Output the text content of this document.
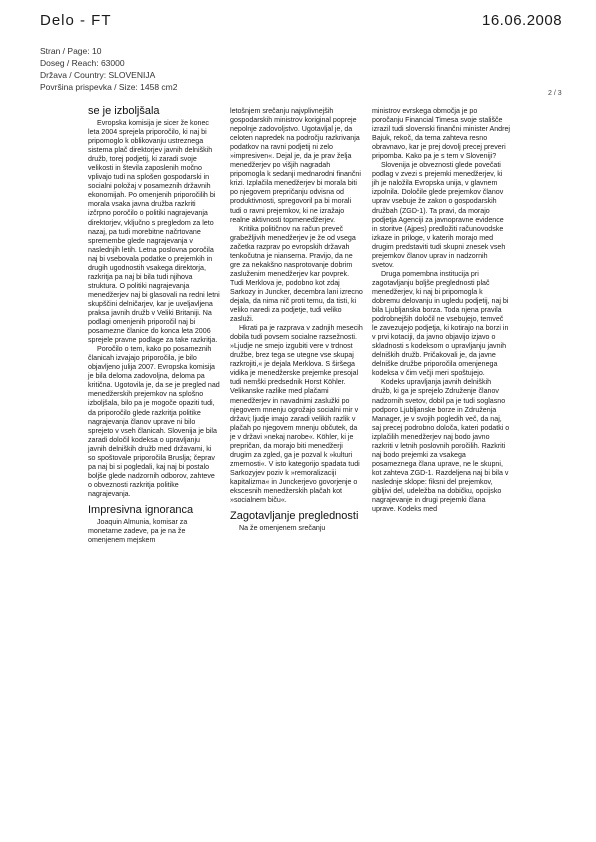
Delo - FT	16.06.2008
Stran / Page: 10
Doseg / Reach: 63000
Država / Country: SLOVENIJA
Površina prispevka / Size: 1458 cm2
2 / 3
se je izboljšala

Evropska komisija je sicer že konec leta 2004 sprejela priporočilo, ki naj bi pripomoglo k oblikovanju ustreznega sistema plač direktorjev javnih delniških družb, torej podjetij, ki zaradi svoje velikosti in števila zaposlenih močno vplivajo tudi na splošen gospodarski in socialni položaj v posameznih državnih ekonomijah. Po omenjenih priporočilih bi morala vsaka javna družba razkriti izčrpno poročilo o politiki nagrajevanja direktorjev, vključno s pregledom za leto nazaj, pa tudi morebitne načrtovane spremembe glede nagrajevanja v naslednjih letih. Letna poslovna poročila naj bi vsebovala podatke o prejemkih in drugih ugodnostih vsakega direktorja, razkritja pa naj bi bila tudi njihova struktura. O politiki nagrajevanja menedžerjev naj bi glasovali na redni letni skupščini delničarjev, kar je uveljavljena praksa javnih družb v Veliki Britaniji. Na podlagi omenjenih priporočil naj bi posamezne članice do konca leta 2006 sprejele pravne podlage za take razkritja.

Poročilo o tem, kako po posameznih članicah izvajajo priporočila, je bilo objavljeno julija 2007. Evropska komisija je bila deloma zadovoljna, deloma pa kritična. Ugotovila je, da se je pregled nad menedžerskih prejemkov na splošno izboljšala, bilo pa je mogoče opaziti tudi, da priporočilo glede razkritja politike nagrajevanja članov uprave ni bilo sprejeto v vseh članicah. Slovenija je bila zaradi določil kodeksa o upravljanju javnih delniških družb med državami, ki so spoštovale priporočila Bruslja; čeprav pa naj bi si pogledali, kaj naj bi postalo boljše glede nadzornih odborov, zahteve o obveznosti razkritja politike nagrajevanja.

Impresivna ignoranca

Joaquin Almunia, komisar za monetarne zadeve, pa je na že omenjenem mejskem

letošnjem srečanju najvplivnejših gospodarskih ministrov koriginal popreje nepolnje zadovoljstvo. Ugotavljal je, da celoten napredek na področju razkrivanja podatkov na ravni podjetij ni zelo »impresiven«. Dejal je, da je prav želja menedžerjev po višjih nagradah pripomogla k sedanji mednarodni finančni krizi. Izplačila menedžerjev bi morala biti po njegovem prepričanju odvisna od produktivnosti, spregovoril pa bi morali tudi o ravni prejemkov, ki ne izražajo realne aktivnosti topmenedžerjev.

Kritika političnov na račun preveč grabežljivih menedžerjev je že od vsega začetka razprav po evropskih državah tenkočutna je nianserna. Pravijo, da ne gre za nekakšno nasprotovanje dobrim zasluženim menedžerjev kar povprek. Tudi Merklova je, podobno kot zdaj Sarkozy in Juncker, decembra lani izrecno dejala, da nima nič proti temu, da tisti, ki veliko naredi za podjetje, tudi veliko zasluži.

Hkrati pa je razprava v zadnjih mesecih dobila tudi povsem socialne razsežnosti. »Ljudje ne smejo izgubiti vere v trdnost družbe, brez tega se utegne vse skupaj razkrojiti,« je dejala Merklova. S širšega vidika je menedžerske prejemke presojal tudi nemški predsednik Horst Köhler. Velikanske razlike med plačami menedžerjev in navadnimi zaslužki po njegovem mnenju ogrožajo socialni mir v državi; ljudje imajo zaradi velikih razlik v plačah po njegovem mnenju občutek, da je v državi »nekaj narobe«. Köhler, ki je prepričan, da morajo biti menedžerji drugim za zgled, ga je pozval k »kulturi zmernosti«. V isto kategorijo spadata tudi Sarkozyjev poziv k »remoralizaciji kapitalizma« in Junckerjevo govorjenje o ekscesnih menedžerskih plačah kot »socialnem biču«.

Zagotavljanje preglednosti

Na že omenjenem srečanju

ministrov evrskega območja je po poročanju Financial Timesa svoje stališče izrazil tudi slovenski finančni minister Andrej Bajuk, rekoč, da tema zahteva resno obravnavo, kar je prej dovolj precej preveri pripomba. Kako pa je s tem v Sloveniji?

Slovenija je obveznosti glede povečati podlag v zvezi s prejemki menedžerjev, ki jih je naložila Evropska unija, v glavnem izpolnila. Določile glede prejemkov članov uprav vsebuje že zakon o gospodarskih družbah (ZGD-1). Ta pravi, da morajo podjetja Agenciji za javnopravne evidence in storitve (Ajpes) predložiti računovodske izkaze in priloge, v katerih morajo med drugim predstaviti tudi skupni znesek vseh prejemkov članov uprav in nadzornih svetov.

Druga pomembna institucija pri zagotavljanju boljše preglednosti plač menedžerjev, ki naj bi pripomogla k dobremu delovanju in ugledu podjetij, naj bi bila Ljubljanska borza. Toda njena pravila podrobnejših določil ne vsebujejo, temveč le zavezujejo podjetja, ki kotirajo na borzi in v prvi kotaciji, da javno objavijo izjavo o skladnosti s kodeksom o upravljanju javnih delniških družb. Pričakovali je, da javne delniške družbe priporočila omenjenega kodeksa v čim večji meri spoštujejo.

Kodeks upravljanja javnih delniških družb, ki ga je sprejelo Združenje članov nadzornih svetov, dobil pa je tudi soglasno podporo Ljubljanske borze in Združenja Manager, je v svojih pogledih več, da naj, saj precej podrobno določa, kateri podatki o izplačilih menedžerjev naj bodo javno razkriti v letnih poslovnih poročilih. Razkriti naj bodo prejemki za vsakega posameznega člana uprave, ne le skupni, kot zahteva ZGD-1. Razdeljena naj bi bila v naslednje sklope: fiksni del prejemkov, gibljivi del, udeležba na dobičku, opcijsko nagrajevanje in drugi prejemki člana uprave. Kodeks med
